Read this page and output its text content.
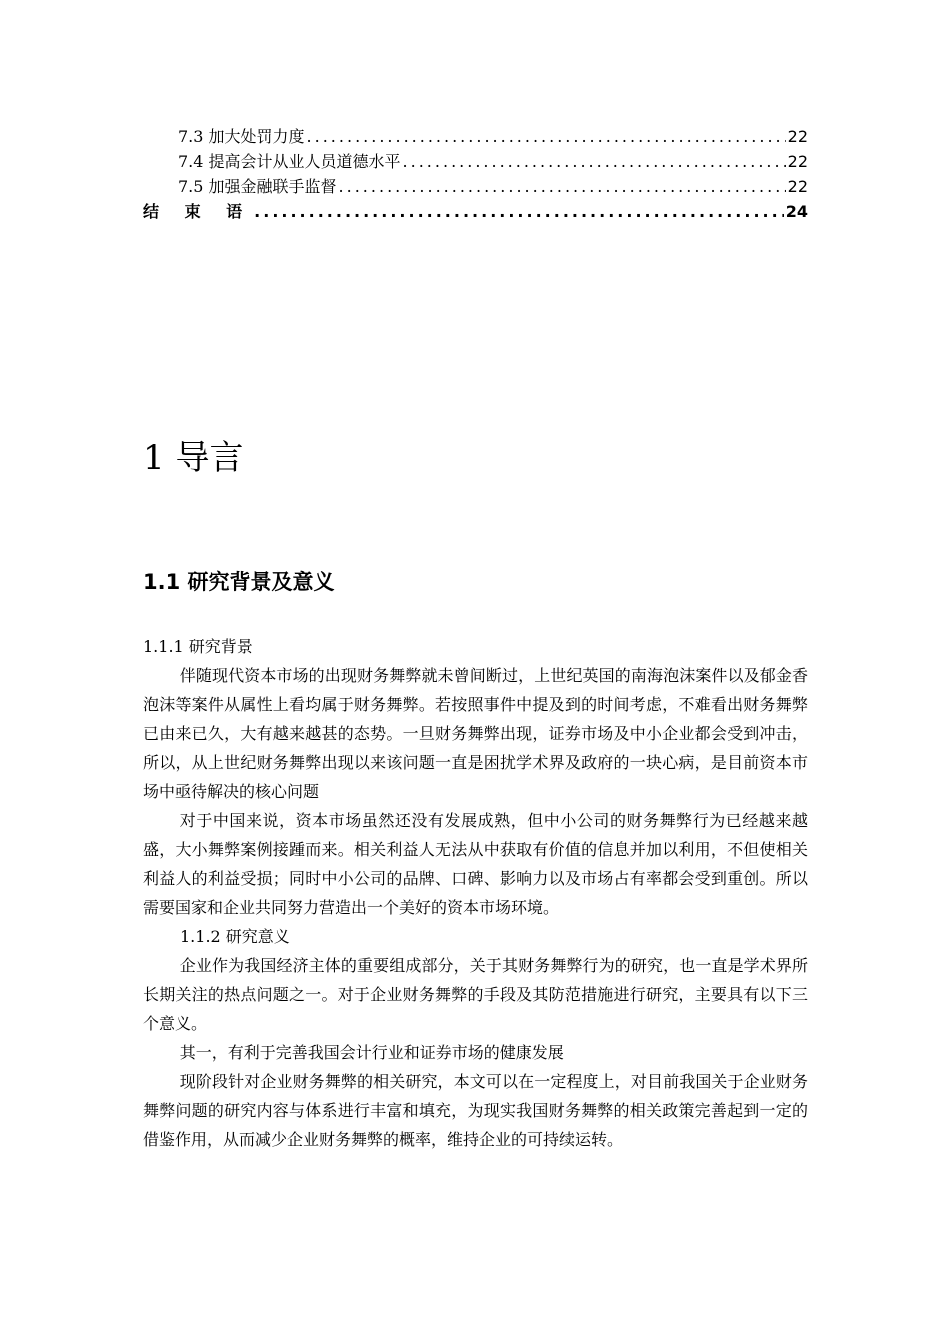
7.3 加大处罚力度 .....	22
7.4 提高会计从业人员道德水平 .....	22
7.5 加强金融联手监督 .....	22
结 束 语 .....	24
1 导言
1.1 研究背景及意义

1.1.1 研究背景

伴随现代资本市场的出现财务舞弊就未曾间断过，上世纪英国的南海泡沫案件以及郁金香泡沫等案件从属性上看均属于财务舞弊。若按照事件中提及到的时间考虑，不难看出财务舞弊已由来已久，大有越来越甚的态势。一旦财务舞弊出现，证券市场及中小企业都会受到冲击，所以，从上世纪财务舞弊出现以来该问题一直是困扰学术界及政府的一块心病，是目前资本市场中亟待解决的核心问题

对于中国来说，资本市场虽然还没有发展成熟，但中小公司的财务舞弊行为已经越来越盛，大小舞弊案例接踵而来。相关利益人无法从中获取有价值的信息并加以利用，不但使相关利益人的利益受损；同时中小公司的品牌、口碑、影响力以及市场占有率都会受到重创。所以需要国家和企业共同努力营造出一个美好的资本市场环境。

1.1.2 研究意义

企业作为我国经济主体的重要组成部分，关于其财务舞弊行为的研究，也一直是学术界所长期关注的热点问题之一。对于企业财务舞弊的手段及其防范措施进行研究，主要具有以下三个意义。

其一，有利于完善我国会计行业和证券市场的健康发展

现阶段针对企业财务舞弊的相关研究，本文可以在一定程度上，对目前我国关于企业财务舞弊问题的研究内容与体系进行丰富和填充，为现实我国财务舞弊的相关政策完善起到一定的借鉴作用，从而减少企业财务舞弊的概率，维持企业的可持续运转。
